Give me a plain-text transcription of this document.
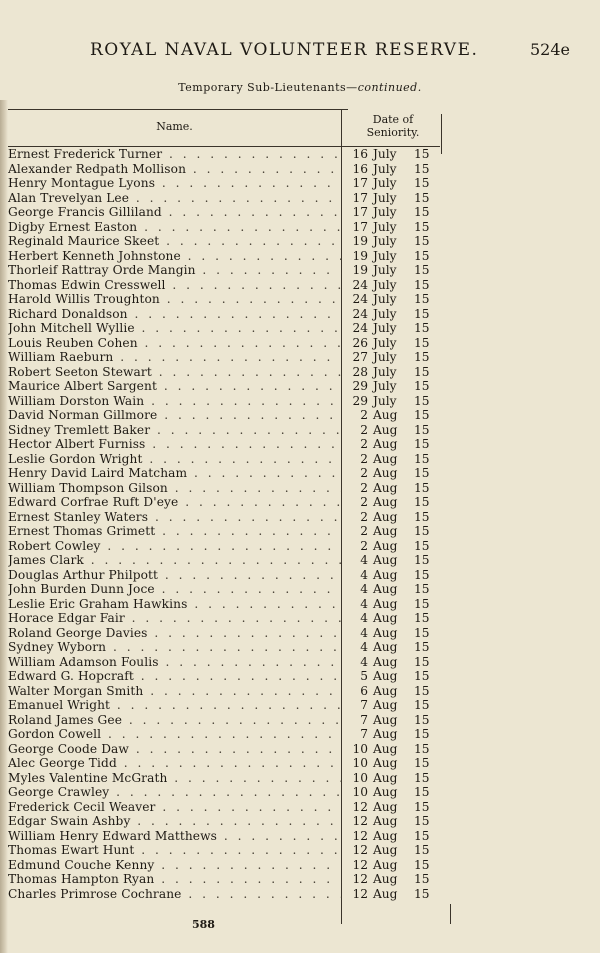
ROYAL NAVAL VOLUNTEER RESERVE.	524e
Temporary Sub-Lieutenants—continued.
Name.
Date of
Seniority.
Ernest Frederick Turner . . .	16 July	15
Alexander Redpath Mollison . . .	16 July	15
Henry Montague Lyons . . .	17 July	15
Alan Trevelyan Lee . . .	17 July	15
George Francis Gilliland . . .	17 July	15
Digby Ernest Easton . . .	17 July	15
Reginald Maurice Skeet . . .	19 July	15
Herbert Kenneth Johnstone . . .	19 July	15
Thorleif Rattray Orde Mangin . . .	19 July	15
Thomas Edwin Cresswell . . .	24 July	15
Harold Willis Troughton . . .	24 July	15
Richard Donaldson . . .	24 July	15
John Mitchell Wyllie . . .	24 July	15
Louis Reuben Cohen . . .	26 July	15
William Raeburn . . .	27 July	15
Robert Seeton Stewart . . .	28 July	15
Maurice Albert Sargent . . .	29 July	15
William Dorston Wain . . .	29 July	15
David Norman Gillmore . . .	2 Aug	15
Sidney Tremlett Baker . . .	2 Aug	15
Hector Albert Furniss . . .	2 Aug	15
Leslie Gordon Wright . . .	2 Aug	15
Henry David Laird Matcham . . .	2 Aug	15
William Thompson Gilson . . .	2 Aug	15
Edward Corfrae Ruft D'eye . . .	2 Aug	15
Ernest Stanley Waters . . .	2 Aug	15
Ernest Thomas Grimett . . .	2 Aug	15
Robert Cowley . . .	2 Aug	15
James Clark . . .	4 Aug	15
Douglas Arthur Philpott . . .	4 Aug	15
John Burden Dunn Joce . . .	4 Aug	15
Leslie Eric Graham Hawkins . . .	4 Aug	15
Horace Edgar Fair . . .	4 Aug	15
Roland George Davies . . .	4 Aug	15
Sydney Wyborn . . .	4 Aug	15
William Adamson Foulis . . .	4 Aug	15
Edward G. Hopcraft . . .	5 Aug	15
Walter Morgan Smith . . .	6 Aug	15
Emanuel Wright . . .	7 Aug	15
Roland James Gee . . .	7 Aug	15
Gordon Cowell . . .	7 Aug	15
George Coode Daw . . .	10 Aug	15
Alec George Tidd . . .	10 Aug	15
Myles Valentine McGrath . . .	10 Aug	15
George Crawley . . .	10 Aug	15
Frederick Cecil Weaver . . .	12 Aug	15
Edgar Swain Ashby . . .	12 Aug	15
William Henry Edward Matthews . . .	12 Aug	15
Thomas Ewart Hunt . . .	12 Aug	15
Edmund Couche Kenny . . .	12 Aug	15
Thomas Hampton Ryan . . .	12 Aug	15
Charles Primrose Cochrane . . .	12 Aug	15
588
